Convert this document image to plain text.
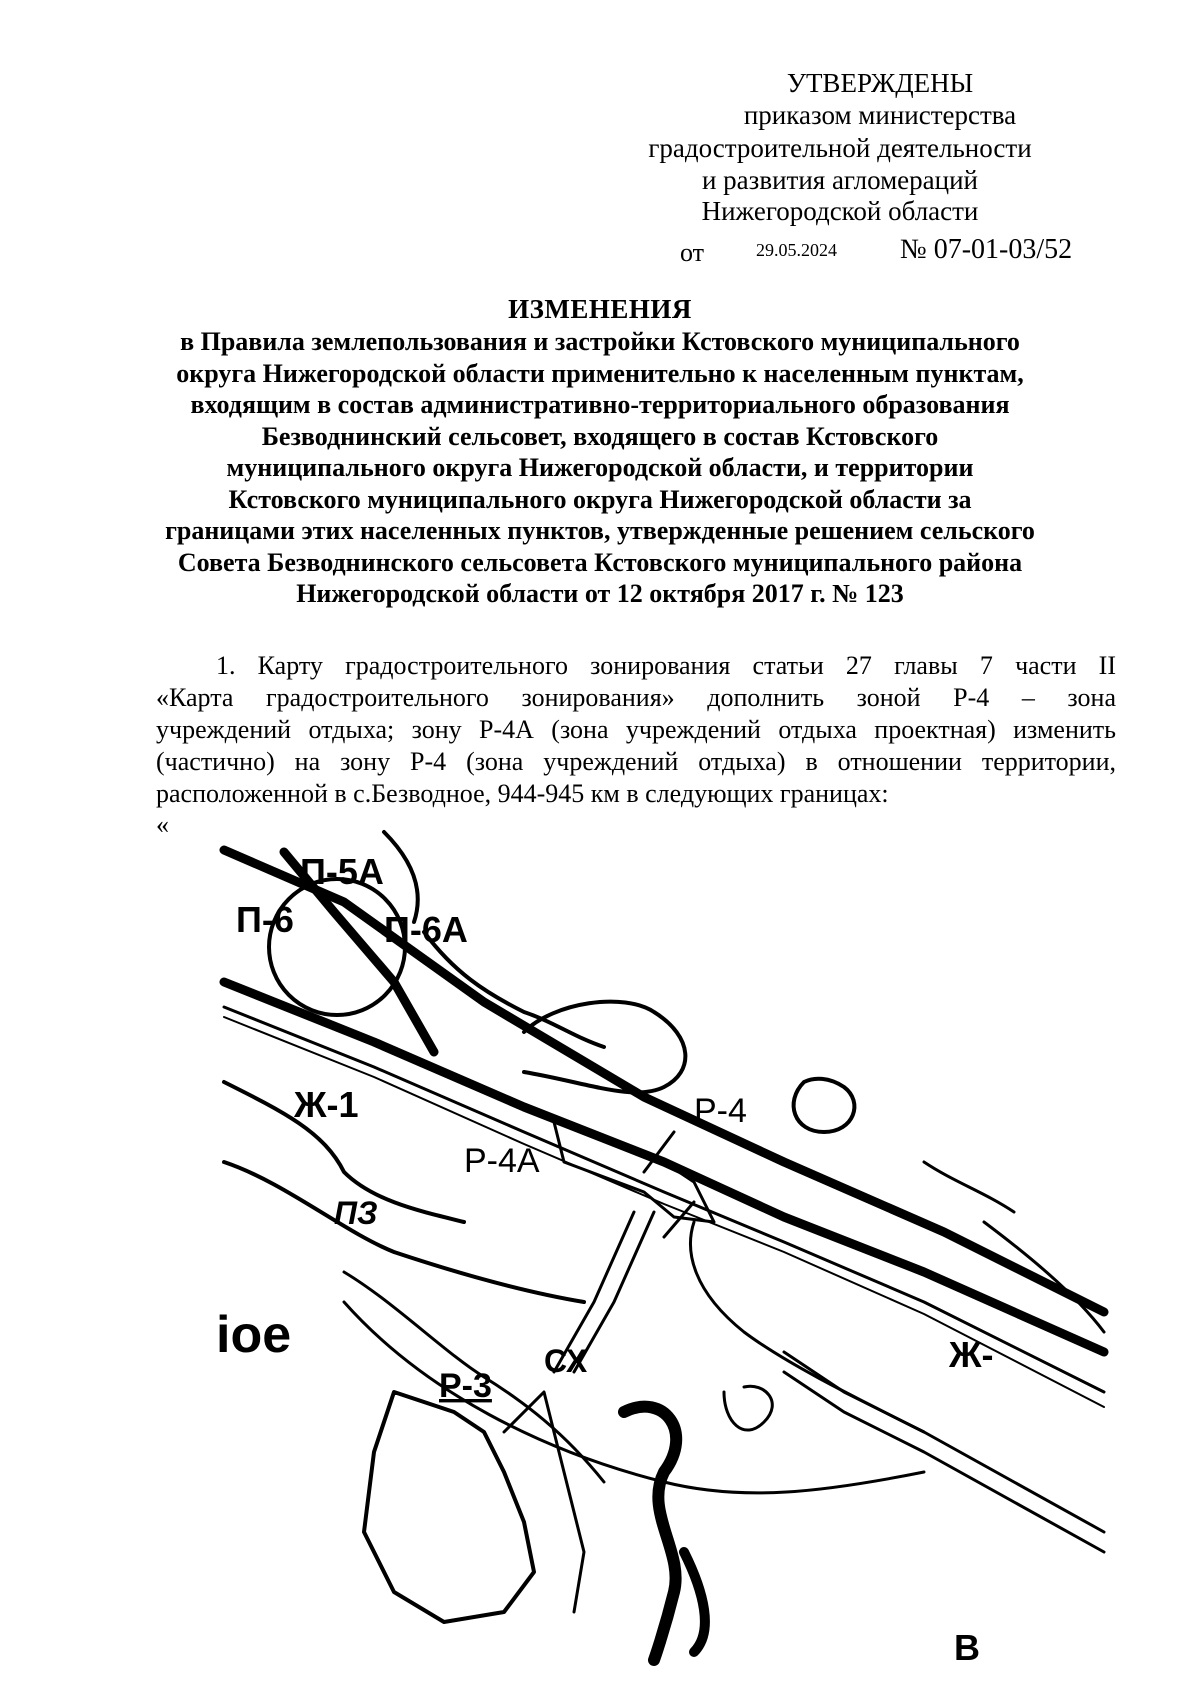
УТВЕРЖДЕНЫ
приказом министерства
градостроительной деятельности
и развития агломераций
Нижегородской области
от	29.05.2024 № 07-01-03/52
ИЗМЕНЕНИЯ
в Правила землепользования и застройки Кстовского муниципального
округа Нижегородской области применительно к населенным пунктам,
входящим в состав административно-территориального образования
Безводнинский сельсовет, входящего в состав Кстовского
муниципального округа Нижегородской области, и территории
Кстовского муниципального округа Нижегородской области за
границами этих населенных пунктов, утвержденные решением сельского
Совета Безводнинского сельсовета Кстовского муниципального района
Нижегородской области от 12 октября 2017 г. № 123
1. Карту градостроительного зонирования статьи 27 главы 7 части II
«Карта градостроительного зонирования» дополнить зоной Р-4 – зона
учреждений отдыха; зону Р-4А (зона учреждений отдыха проектная) изменить
(частично) на зону Р-4 (зона учреждений отдыха) в отношении территории,
расположенной в с.Безводное, 944-945 км в следующих границах:
«
П-5А
П-6	П-6А
Ж-1	Р-4
Р-4А
ПЗ
ioe	СХ
Р-3
Ж-
В
